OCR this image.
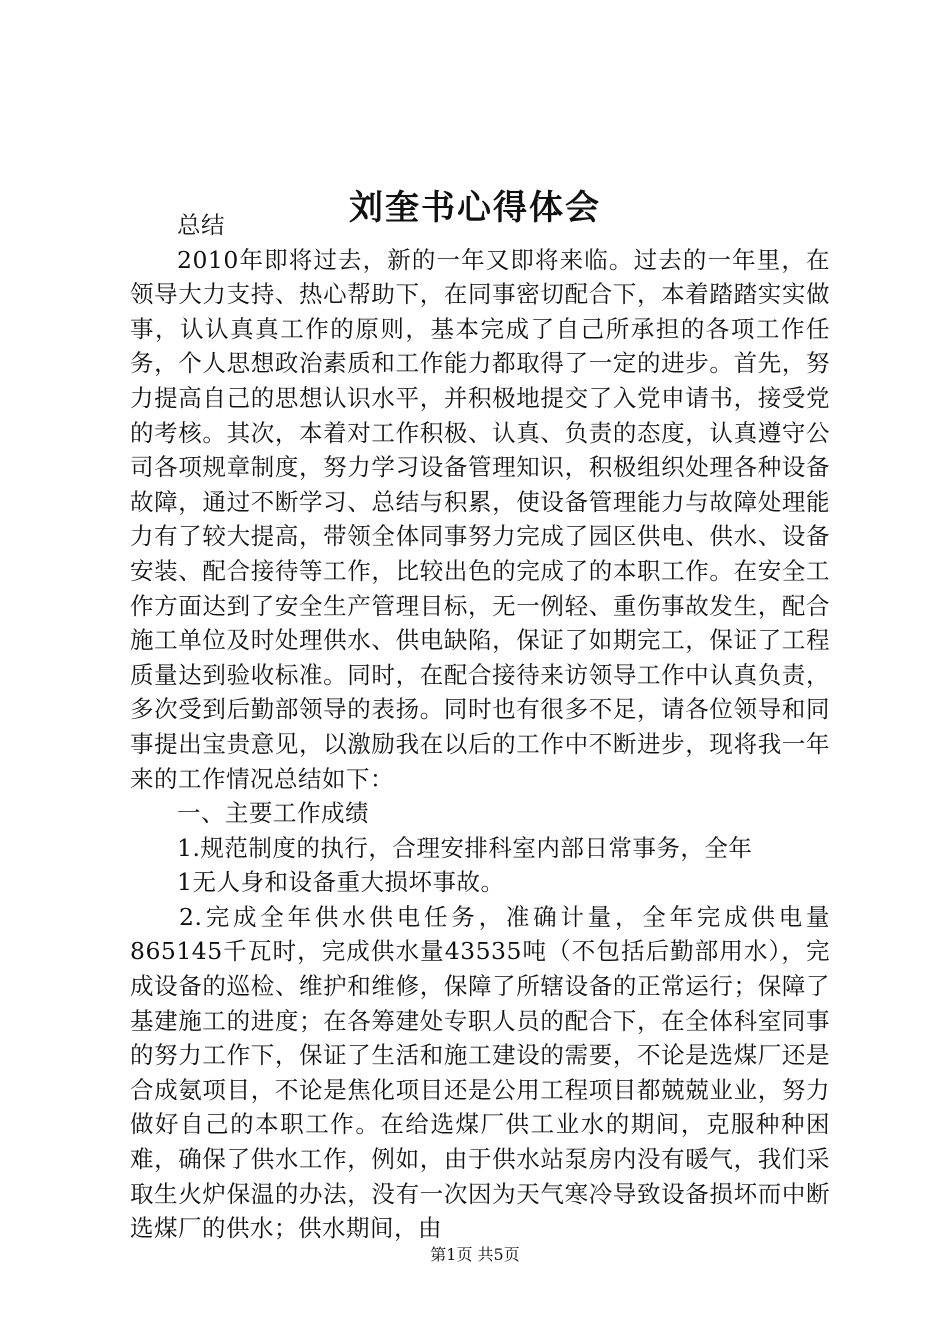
刘奎书心得体会

总结

2010年即将过去，新的一年又即将来临。过去的一年里，在领导大力支持、热心帮助下，在同事密切配合下，本着踏踏实实做事，认认真真工作的原则，基本完成了自己所承担的各项工作任务，个人思想政治素质和工作能力都取得了一定的进步。首先，努力提高自己的思想认识水平，并积极地提交了入党申请书，接受党的考核。其次，本着对工作积极、认真、负责的态度，认真遵守公司各项规章制度，努力学习设备管理知识，积极组织处理各种设备故障，通过不断学习、总结与积累，使设备管理能力与故障处理能力有了较大提高，带领全体同事努力完成了园区供电、供水、设备安装、配合接待等工作，比较出色的完成了的本职工作。在安全工作方面达到了安全生产管理目标，无一例轻、重伤事故发生，配合施工单位及时处理供水、供电缺陷，保证了如期完工，保证了工程质量达到验收标准。同时，在配合接待来访领导工作中认真负责，多次受到后勤部领导的表扬。同时也有很多不足，请各位领导和同事提出宝贵意见，以激励我在以后的工作中不断进步，现将我一年来的工作情况总结如下：

一、主要工作成绩

1.规范制度的执行，合理安排科室内部日常事务，全年

1无人身和设备重大损坏事故。

2.完成全年供水供电任务，准确计量，全年完成供电量865145千瓦时，完成供水量43535吨（不包括后勤部用水），完成设备的巡检、维护和维修，保障了所辖设备的正常运行；保障了基建施工的进度；在各筹建处专职人员的配合下，在全体科室同事的努力工作下，保证了生活和施工建设的需要，不论是选煤厂还是合成氨项目，不论是焦化项目还是公用工程项目都兢兢业业，努力做好自己的本职工作。在给选煤厂供工业水的期间，克服种种困难，确保了供水工作，例如，由于供水站泵房内没有暖气，我们采取生火炉保温的办法，没有一次因为天气寒冷导致设备损坏而中断选煤厂的供水；供水期间，由

第1页 共5页
